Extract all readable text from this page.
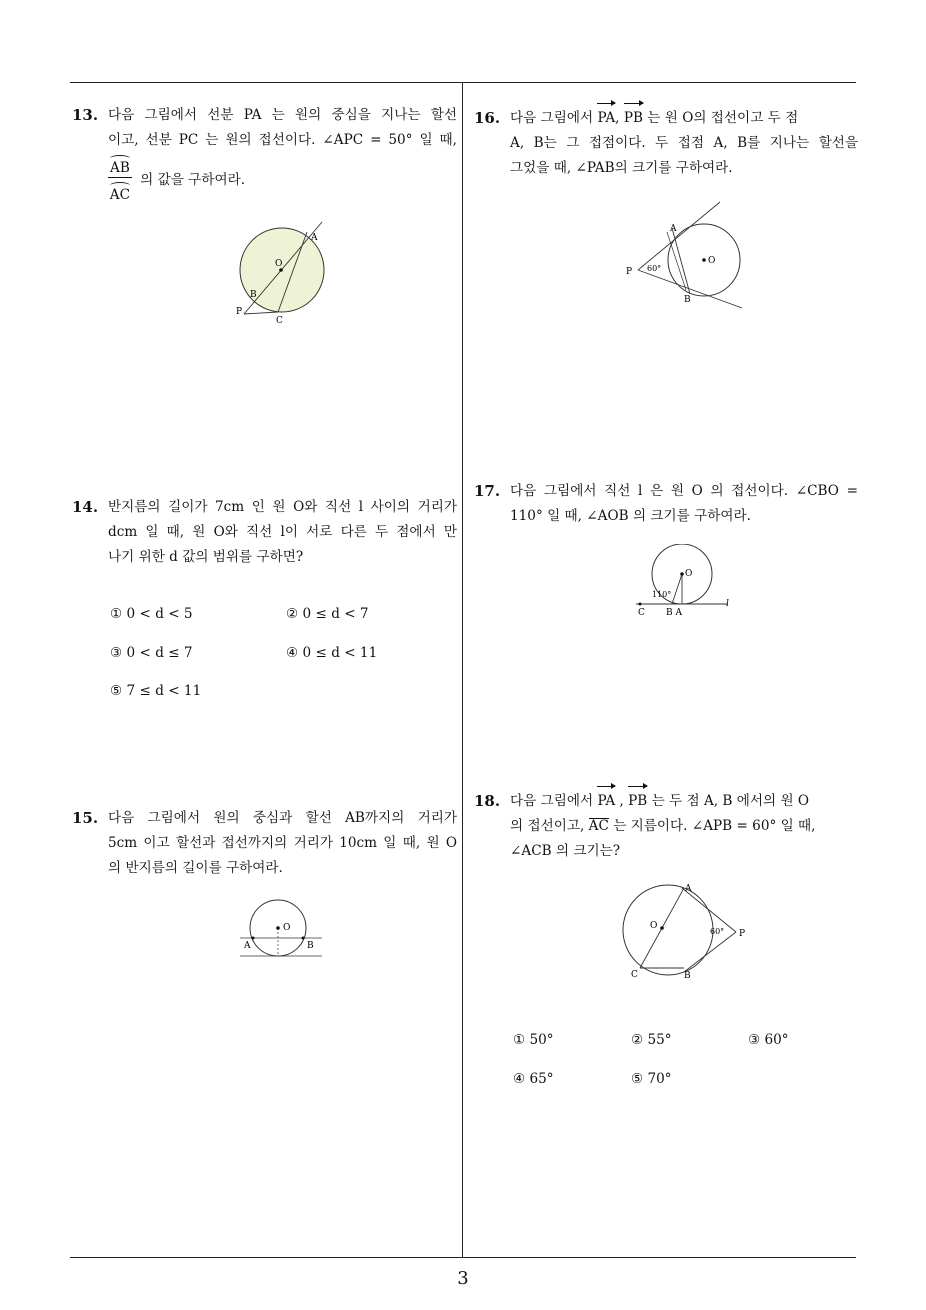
3
13. 다음 그림에서 선분 PA 는 원의 중심을 지나는 할선
이고, 선분 PC 는 원의 접선이다. ∠APC = 50° 일 때,
$\frac{AB}{AC}$ 의 값을 구하여라.
A
O
B
P
C
14. 반지름의 길이가 7cm 인 원 O와 직선 l 사이의 거리가
dcm 일 때, 원 O와 직선 l이 서로 다른 두 점에서 만
나기 위한 d 값의 범위를 구하면?
① 0 < d < 5	② 0 ≤ d < 7
③ 0 < d ≤ 7	④ 0 ≤ d < 11
⑤ 7 ≤ d < 11
15. 다음 그림에서 원의 중심과 할선 AB까지의 거리가
5cm 이고 할선과 접선까지의 거리가 10cm 일 때, 원 O
의 반지름의 길이를 구하여라.
O
A	B
16. 다음 그림에서 PA, PB 는 원 O의 접선이고 두 점
A, B는 그 접점이다. 두 접점 A, B를 지나는 할선을
그었을 때, ∠PAB의 크기를 구하여라.
A
O
P 60°
B
17. 다음 그림에서 직선 l 은 원 O 의 접선이다. ∠CBO =
110° 일 때, ∠AOB 의 크기를 구하여라.
O
110°
l
C B A
18. 다음 그림에서 PA , PB 는 두 점 A, B 에서의 원 O
의 접선이고, AC 는 지름이다. ∠APB = 60° 일 때,
∠ACB 의 크기는?
A
O
60° P
C	B
① 50°	② 55°	③ 60°
④ 65°	⑤ 70°
